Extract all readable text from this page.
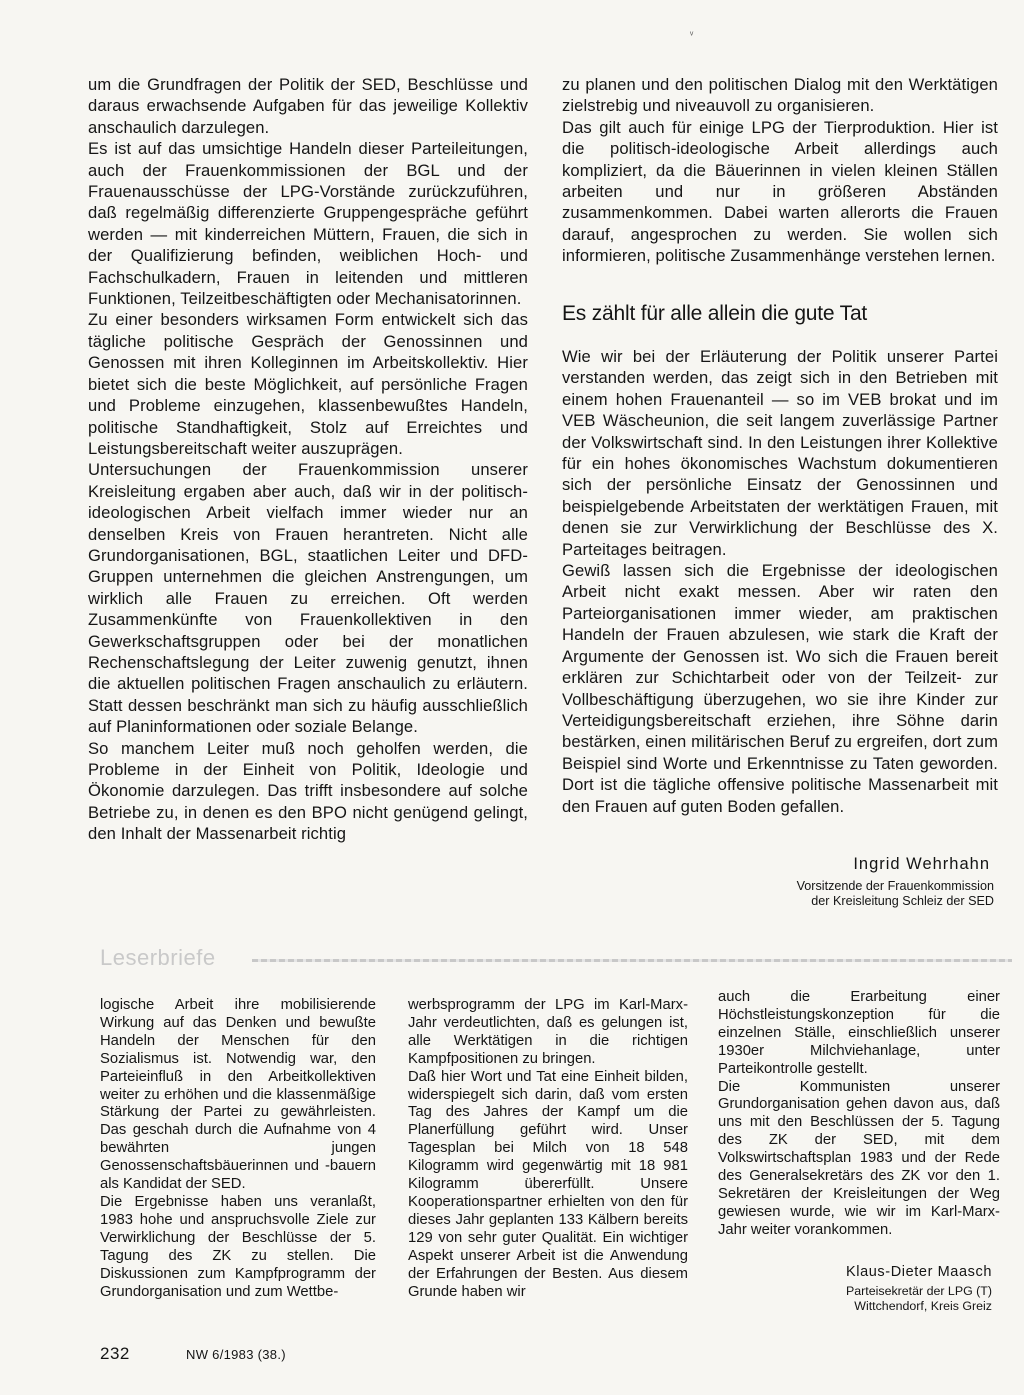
ᵛ

um die Grundfragen der Politik der SED, Beschlüsse und daraus erwachsende Aufgaben für das jeweilige Kollektiv anschaulich darzulegen.

Es ist auf das umsichtige Handeln dieser Parteileitungen, auch der Frauenkommissionen der BGL und der Frauenausschüsse der LPG-Vorstände zurückzuführen, daß regelmäßig differenzierte Gruppengespräche geführt werden — mit kinderreichen Müttern, Frauen, die sich in der Qualifizierung befinden, weiblichen Hoch- und Fachschulkadern, Frauen in leitenden und mittleren Funktionen, Teilzeitbeschäftigten oder Mechanisatorinnen.

Zu einer besonders wirksamen Form entwickelt sich das tägliche politische Gespräch der Genossinnen und Genossen mit ihren Kolleginnen im Arbeitskollektiv. Hier bietet sich die beste Möglichkeit, auf persönliche Fragen und Probleme einzugehen, klassenbewußtes Handeln, politische Standhaftigkeit, Stolz auf Erreichtes und Leistungsbereitschaft weiter auszuprägen.

Untersuchungen der Frauenkommission unserer Kreisleitung ergaben aber auch, daß wir in der politisch-ideologischen Arbeit vielfach immer wieder nur an denselben Kreis von Frauen herantreten. Nicht alle Grundorganisationen, BGL, staatlichen Leiter und DFD-Gruppen unternehmen die gleichen Anstrengungen, um wirklich alle Frauen zu erreichen. Oft werden Zusammenkünfte von Frauenkollektiven in den Gewerkschaftsgruppen oder bei der monatlichen Rechenschaftslegung der Leiter zuwenig genutzt, ihnen die aktuellen politischen Fragen anschaulich zu erläutern. Statt dessen beschränkt man sich zu häufig ausschließlich auf Planinformationen oder soziale Belange.

So manchem Leiter muß noch geholfen werden, die Probleme in der Einheit von Politik, Ideologie und Ökonomie darzulegen. Das trifft insbesondere auf solche Betriebe zu, in denen es den BPO nicht genügend gelingt, den Inhalt der Massenarbeit richtig

zu planen und den politischen Dialog mit den Werktätigen zielstrebig und niveauvoll zu organisieren.

Das gilt auch für einige LPG der Tierproduktion. Hier ist die politisch-ideologische Arbeit allerdings auch kompliziert, da die Bäuerinnen in vielen kleinen Ställen arbeiten und nur in größeren Abständen zusammenkommen. Dabei warten allerorts die Frauen darauf, angesprochen zu werden. Sie wollen sich informieren, politische Zusammenhänge verstehen lernen.

Es zählt für alle allein die gute Tat

Wie wir bei der Erläuterung der Politik unserer Partei verstanden werden, das zeigt sich in den Betrieben mit einem hohen Frauenanteil — so im VEB brokat und im VEB Wäscheunion, die seit langem zuverlässige Partner der Volkswirtschaft sind. In den Leistungen ihrer Kollektive für ein hohes ökonomisches Wachstum dokumentieren sich der persönliche Einsatz der Genossinnen und beispielgebende Arbeitstaten der werktätigen Frauen, mit denen sie zur Verwirklichung der Beschlüsse des X. Parteitages beitragen.

Gewiß lassen sich die Ergebnisse der ideologischen Arbeit nicht exakt messen. Aber wir raten den Parteiorganisationen immer wieder, am praktischen Handeln der Frauen abzulesen, wie stark die Kraft der Argumente der Genossen ist. Wo sich die Frauen bereit erklären zur Schichtarbeit oder von der Teilzeit- zur Vollbeschäftigung überzugehen, wo sie ihre Kinder zur Verteidigungsbereitschaft erziehen, ihre Söhne darin bestärken, einen militärischen Beruf zu ergreifen, dort zum Beispiel sind Worte und Erkenntnisse zu Taten geworden. Dort ist die tägliche offensive politische Massenarbeit mit den Frauen auf guten Boden gefallen.

Ingrid Wehrhahn
Vorsitzende der Frauenkommission
der Kreisleitung Schleiz der SED
Leserbriefe

logische Arbeit ihre mobilisierende Wirkung auf das Denken und bewußte Handeln der Menschen für den Sozialismus ist. Notwendig war, den Parteieinfluß in den Arbeitkollektiven weiter zu erhöhen und die klassenmäßige Stärkung der Partei zu gewährleisten. Das geschah durch die Aufnahme von 4 bewährten jungen Genossenschaftsbäuerinnen und -bauern als Kandidat der SED.

Die Ergebnisse haben uns veranlaßt, 1983 hohe und anspruchsvolle Ziele zur Verwirklichung der Beschlüsse der 5. Tagung des ZK zu stellen. Die Diskussionen zum Kampfprogramm der Grundorganisation und zum Wettbe-

werbsprogramm der LPG im Karl-Marx-Jahr verdeutlichten, daß es gelungen ist, alle Werktätigen in die richtigen Kampfpositionen zu bringen.

Daß hier Wort und Tat eine Einheit bilden, widerspiegelt sich darin, daß vom ersten Tag des Jahres der Kampf um die Planerfüllung geführt wird. Unser Tagesplan bei Milch von 18 548 Kilogramm wird gegenwärtig mit 18 981 Kilogramm übererfüllt. Unsere Kooperationspartner erhielten von den für dieses Jahr geplanten 133 Kälbern bereits 129 von sehr guter Qualität. Ein wichtiger Aspekt unserer Arbeit ist die Anwendung der Erfahrungen der Besten. Aus diesem Grunde haben wir

auch die Erarbeitung einer Höchstleistungskonzeption für die einzelnen Ställe, einschließlich unserer 1930er Milchviehanlage, unter Parteikontrolle gestellt.

Die Kommunisten unserer Grundorganisation gehen davon aus, daß uns mit den Beschlüssen der 5. Tagung des ZK der SED, mit dem Volkswirtschaftsplan 1983 und der Rede des Generalsekretärs des ZK vor den 1. Sekretären der Kreisleitungen der Weg gewiesen wurde, wie wir im Karl-Marx-Jahr weiter vorankommen.

Klaus-Dieter Maasch
Parteisekretär der LPG (T)
Wittchendorf, Kreis Greiz
232	NW 6/1983 (38.)
